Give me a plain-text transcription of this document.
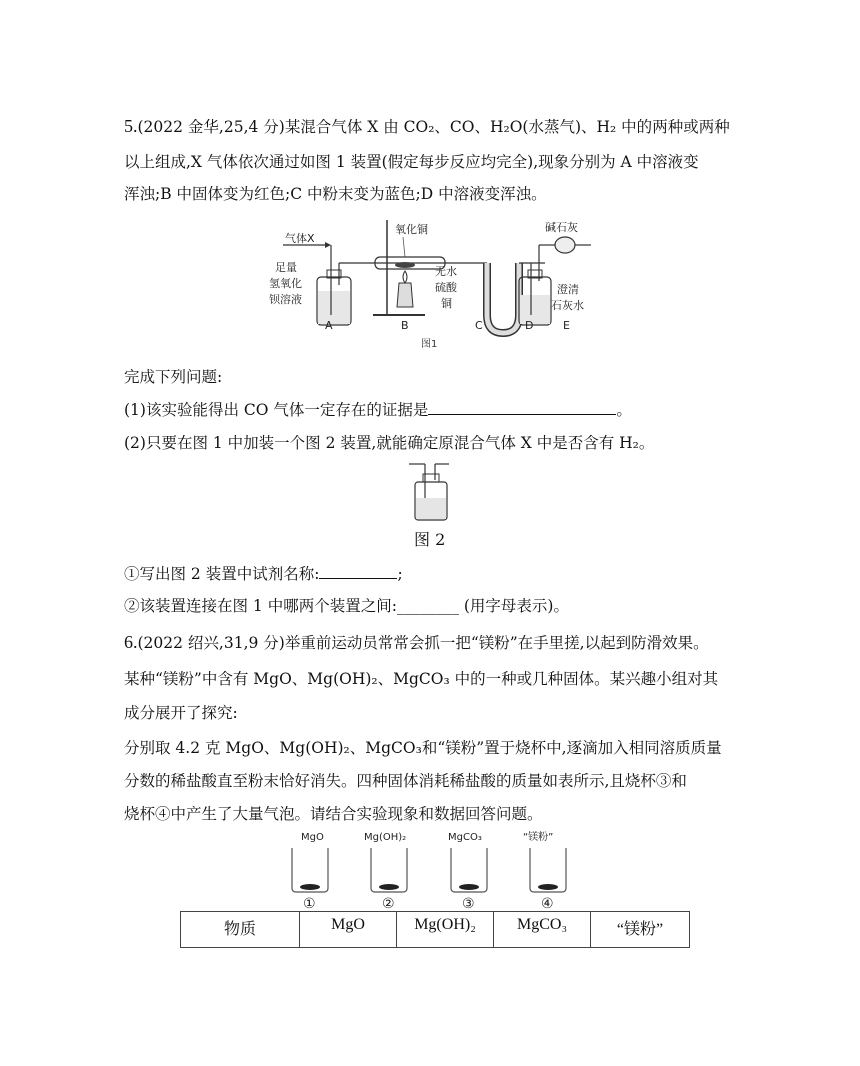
5.(2022 金华,25,4 分)某混合气体 X 由 CO₂、CO、H₂O(水蒸气)、H₂ 中的两种或两种
以上组成,X 气体依次通过如图 1 装置(假定每步反应均完全),现象分别为 A 中溶液变
浑浊;B 中固体变为红色;C 中粉末变为蓝色;D 中溶液变浑浊。
气体X
足量
氢氧化
钡溶液
氧化铜
无水
硫酸
铜
碱石灰
澄清
石灰水
A	B	C	D	E
图1
完成下列问题:
(1)该实验能得出 CO 气体一定存在的证据是	。
(2)只要在图 1 中加装一个图 2 装置,就能确定原混合气体 X 中是否含有 H₂。
图 2
①写出图 2 装置中试剂名称:	;
②该装置连接在图 1 中哪两个装置之间:________ (用字母表示)。
6.(2022 绍兴,31,9 分)举重前运动员常常会抓一把“镁粉”在手里搓,以起到防滑效果。
某种“镁粉”中含有 MgO、Mg(OH)₂、MgCO₃ 中的一种或几种固体。某兴趣小组对其
成分展开了探究:
分别取 4.2 克 MgO、Mg(OH)₂、MgCO₃和“镁粉”置于烧杯中,逐滴加入相同溶质质量
分数的稀盐酸直至粉末恰好消失。四种固体消耗稀盐酸的质量如表所示,且烧杯③和
烧杯④中产生了大量气泡。请结合实验现象和数据回答问题。
MgO
①
Mg(OH)₂
②
MgCO₃
③
“镁粉”
④
物质	MgO	Mg(OH)₂	MgCO₃	“镁粉”
